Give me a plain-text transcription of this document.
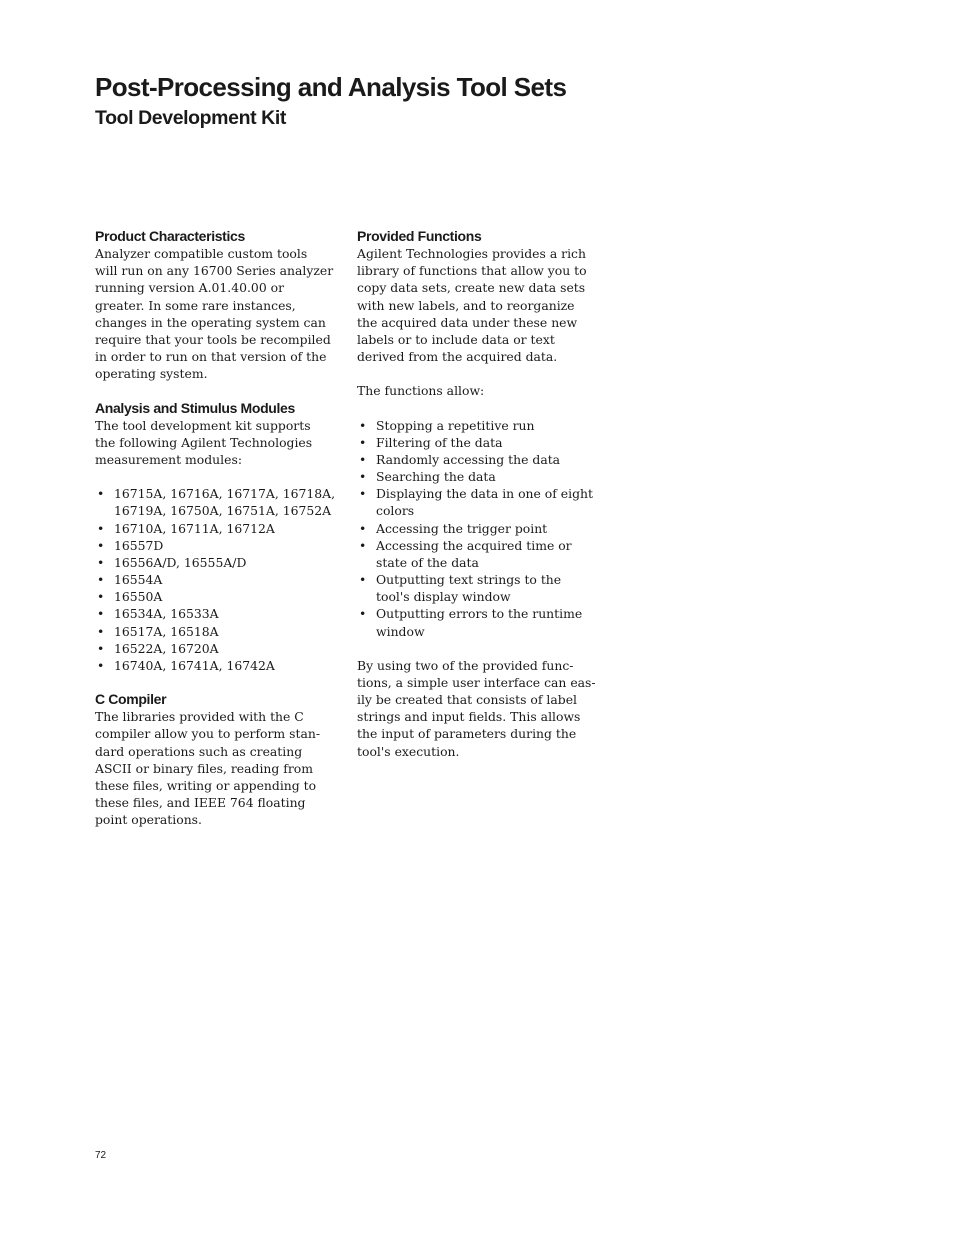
Post-Processing and Analysis Tool Sets
Tool Development Kit
Product Characteristics

Analyzer compatible custom tools
will run on any 16700 Series analyzer
running version A.01.40.00 or
greater. In some rare instances,
changes in the operating system can
require that your tools be recompiled
in order to run on that version of the
operating system.

Analysis and Stimulus Modules

The tool development kit supports
the following Agilent Technologies
measurement modules:

• 16715A, 16716A, 16717A, 16718A,
16719A, 16750A, 16751A, 16752A
• 16710A, 16711A, 16712A
• 16557D
• 16556A/D, 16555A/D
• 16554A
• 16550A
• 16534A, 16533A
• 16517A, 16518A
• 16522A, 16720A
• 16740A, 16741A, 16742A
C Compiler

The libraries provided with the C
compiler allow you to perform stan-
dard operations such as creating
ASCII or binary files, reading from
these files, writing or appending to
these files, and IEEE 764 floating
point operations.

Provided Functions

Agilent Technologies provides a rich
library of functions that allow you to
copy data sets, create new data sets
with new labels, and to reorganize
the acquired data under these new
labels or to include data or text
derived from the acquired data.

The functions allow:

• Stopping a repetitive run
• Filtering of the data
• Randomly accessing the data
• Searching the data
• Displaying the data in one of eight
colors
• Accessing the trigger point
• Accessing the acquired time or
state of the data
• Outputting text strings to the
tool's display window
• Outputting errors to the runtime
window

By using two of the provided func-
tions, a simple user interface can eas-
ily be created that consists of label
strings and input fields. This allows
the input of parameters during the
tool's execution.

72
